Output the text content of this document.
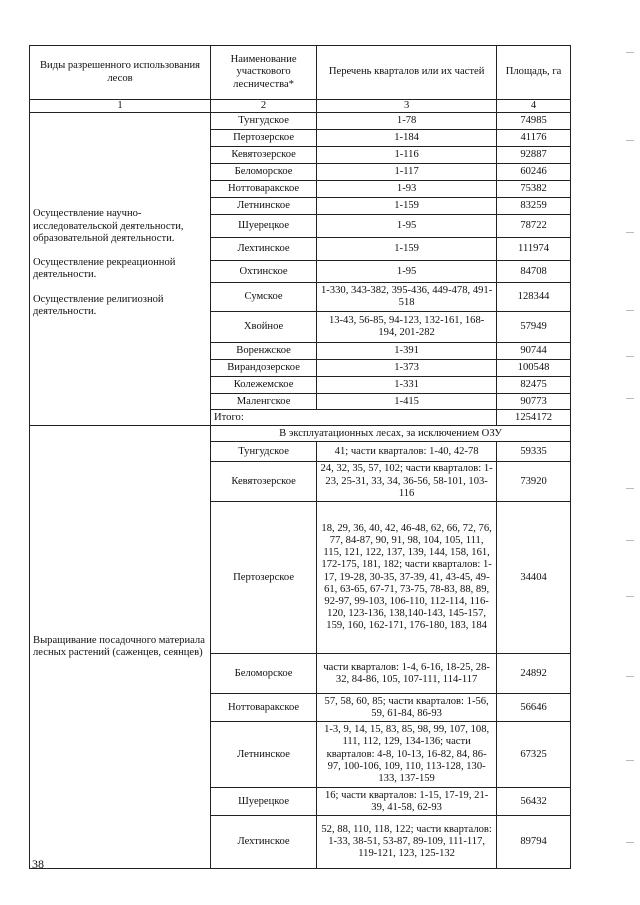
Виды разрешенного использования лесов	Наименование участкового лесничества*	Перечень кварталов или их частей	Площадь, га
1	2	3	4

Осуществление научно-исследовательской деятельности, образовательной деятельности.
Осуществление рекреационной деятельности.
Осуществление религиозной деятельности.	Тунгудское	1-78	74985
	Пертозерское	1-184	41176
	Кевятозерское	1-116	92887
	Беломорское	1-117	60246
	Ноттоваракское	1-93	75382
	Летнинское	1-159	83259
	Шуерецкое	1-95	78722
	Лехтинское	1-159	111974
	Охтинское	1-95	84708
	Сумское	1-330, 343-382, 395-436, 449-478, 491-518	128344
	Хвойное	13-43, 56-85, 94-123, 132-161, 168-194, 201-282	57949
	Воренжское	1-391	90744
	Вирандозерское	1-373	100548
	Колежемское	1-331	82475
	Маленгское	1-415	90773
	Итого:		1254172

Выращивание посадочного материала лесных растений (саженцев, сеянцев)	В эксплуатационных лесах, за исключением ОЗУ		
	Тунгудское	41; части кварталов: 1-40, 42-78	59335
	Кевятозерское	24, 32, 35, 57, 102; части кварталов: 1-23, 25-31, 33, 34, 36-56, 58-101, 103-116	73920
	Пертозерское	18, 29, 36, 40, 42, 46-48, 62, 66, 72, 76, 77, 84-87, 90, 91, 98, 104, 105, 111, 115, 121, 122, 137, 139, 144, 158, 161, 172-175, 181, 182; части кварталов: 1-17, 19-28, 30-35, 37-39, 41, 43-45, 49-61, 63-65, 67-71, 73-75, 78-83, 88, 89, 92-97, 99-103, 106-110, 112-114, 116-120, 123-136, 138,140-143, 145-157, 159, 160, 162-171, 176-180, 183, 184	34404
	Беломорское	части кварталов: 1-4, 6-16, 18-25, 28-32, 84-86, 105, 107-111, 114-117	24892
	Ноттоваракское	57, 58, 60, 85; части кварталов: 1-56, 59, 61-84, 86-93	56646
	Летнинское	1-3, 9, 14, 15, 83, 85, 98, 99, 107, 108, 111, 112, 129, 134-136; части кварталов: 4-8, 10-13, 16-82, 84, 86-97, 100-106, 109, 110, 113-128, 130-133, 137-159	67325
	Шуерецкое	16; части кварталов: 1-15, 17-19, 21-39, 41-58, 62-93	56432
	Лехтинское	52, 88, 110, 118, 122; части кварталов: 1-33, 38-51, 53-87, 89-109, 111-117, 119-121, 123, 125-132	89794
38
